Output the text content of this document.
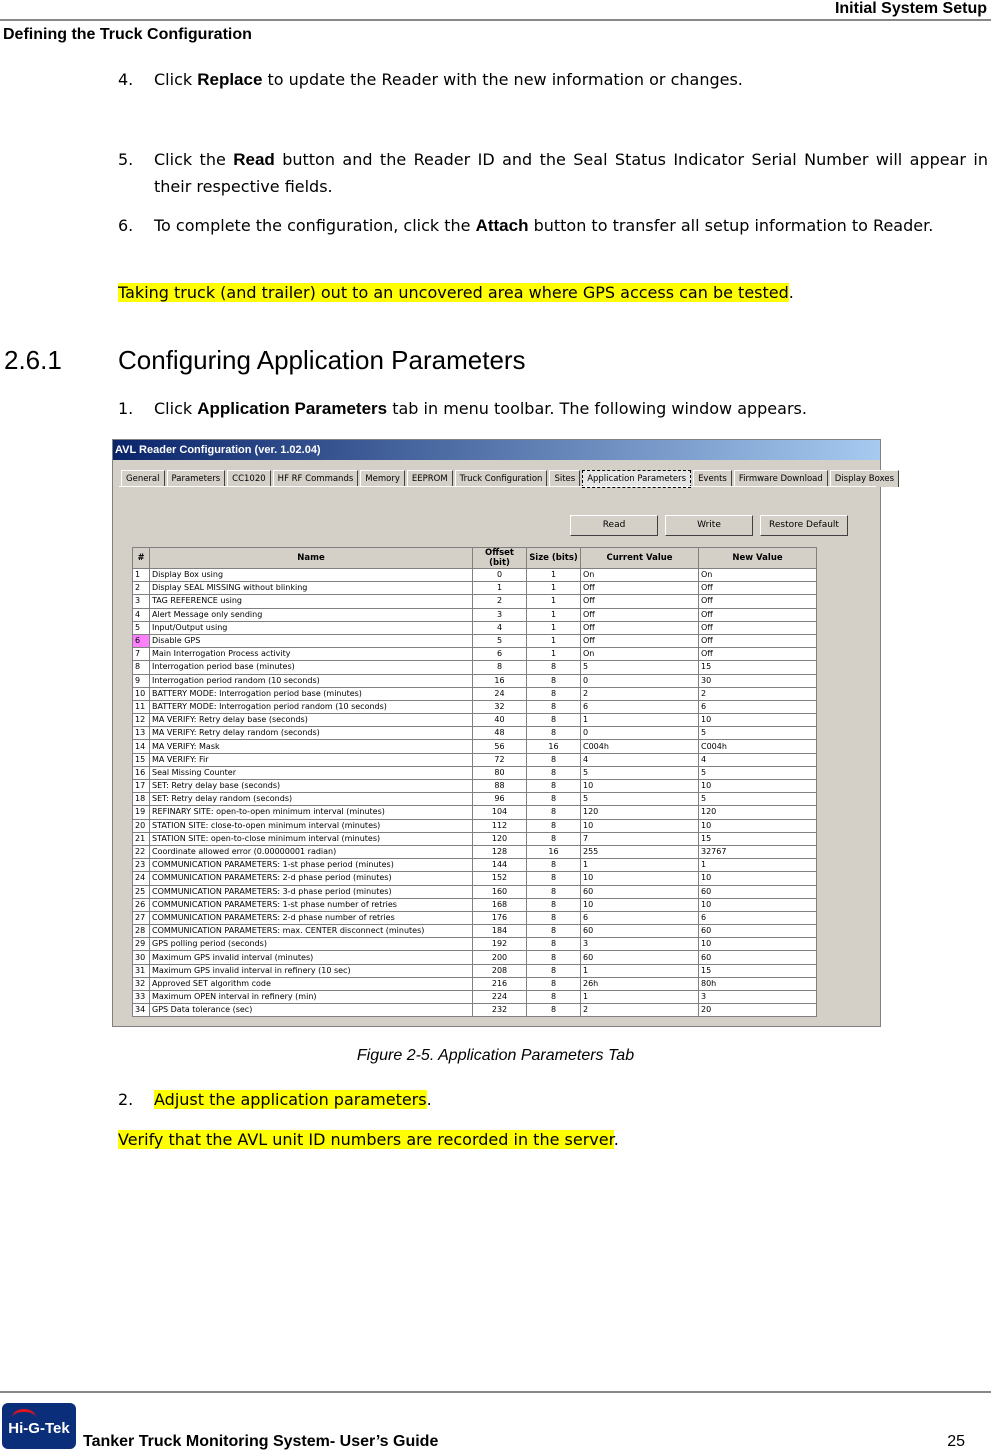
Initial System Setup
Defining the Truck Configuration
4. Click Replace to update the Reader with the new information or changes.
5. Click the Read button and the Reader ID and the Seal Status Indicator Serial Number will appear in their respective fields.
6. To complete the configuration, click the Attach button to transfer all setup information to Reader.
Taking truck (and trailer) out to an uncovered area where GPS access can be tested.
2.6.1 Configuring Application Parameters
1. Click Application Parameters tab in menu toolbar. The following window appears.
AVL Reader Configuration (ver. 1.02.04)
General	Parameters	CC1020	HF RF Commands	Memory	EEPROM	Truck Configuration	Sites	Application Parameters	Events	Firmware Download	Display Boxes
Read	Write	Restore Default
#	Name	Offset (bit)	Size (bits)	Current Value	New Value
1	Display Box using	0	1	On	On
2	Display SEAL MISSING without blinking	1	1	Off	Off
3	TAG REFERENCE using	2	1	Off	Off
4	Alert Message only sending	3	1	Off	Off
5	Input/Output using	4	1	Off	Off
6	Disable GPS	5	1	Off	Off
7	Main Interrogation Process activity	6	1	On	Off
8	Interrogation period base (minutes)	8	8	5	15
9	Interrogation period random (10 seconds)	16	8	0	30
10	BATTERY MODE: Interrogation period base (minutes)	24	8	2	2
11	BATTERY MODE: Interrogation period random (10 seconds)	32	8	6	6
12	MA VERIFY: Retry delay base (seconds)	40	8	1	10
13	MA VERIFY: Retry delay random (seconds)	48	8	0	5
14	MA VERIFY: Mask	56	16	C004h	C004h
15	MA VERIFY: Fir	72	8	4	4
16	Seal Missing Counter	80	8	5	5
17	SET: Retry delay base (seconds)	88	8	10	10
18	SET: Retry delay random (seconds)	96	8	5	5
19	REFINARY SITE: open-to-open minimum interval (minutes)	104	8	120	120
20	STATION SITE: close-to-open minimum interval (minutes)	112	8	10	10
21	STATION SITE: open-to-close minimum interval (minutes)	120	8	7	15
22	Coordinate allowed error (0.00000001 radian)	128	16	255	32767
23	COMMUNICATION PARAMETERS: 1-st phase period (minutes)	144	8	1	1
24	COMMUNICATION PARAMETERS: 2-d phase period (minutes)	152	8	10	10
25	COMMUNICATION PARAMETERS: 3-d phase period (minutes)	160	8	60	60
26	COMMUNICATION PARAMETERS: 1-st phase number of retries	168	8	10	10
27	COMMUNICATION PARAMETERS: 2-d phase number of retries	176	8	6	6
28	COMMUNICATION PARAMETERS: max. CENTER disconnect (minutes)	184	8	60	60
29	GPS polling period (seconds)	192	8	3	10
30	Maximum GPS invalid interval (minutes)	200	8	60	60
31	Maximum GPS invalid interval in refinery (10 sec)	208	8	1	15
32	Approved SET algorithm code	216	8	26h	80h
33	Maximum OPEN interval in refinery (min)	224	8	1	3
34	GPS Data tolerance (sec)	232	8	2	20
Figure 2-5. Application Parameters Tab
2. Adjust the application parameters.
Verify that the AVL unit ID numbers are recorded in the server.
Hi-G-Tek
Tanker Truck Monitoring System- User’s Guide	25
